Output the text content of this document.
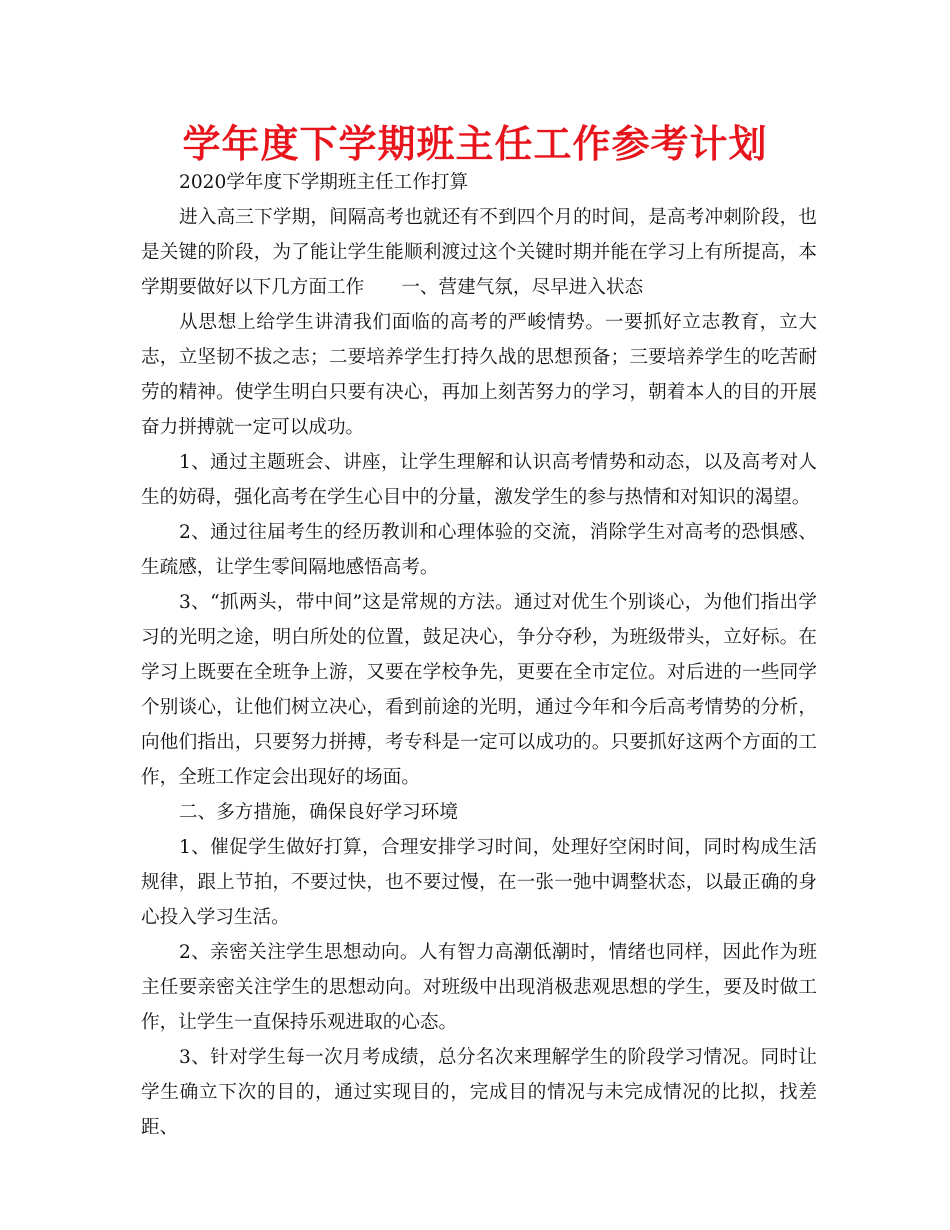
学年度下学期班主任工作参考计划

2020学年度下学期班主任工作打算

进入高三下学期，间隔高考也就还有不到四个月的时间，是高考冲刺阶段，也是关键的阶段，为了能让学生能顺利渡过这个关键时期并能在学习上有所提高，本学期要做好以下几方面工作　　一、营建气氛，尽早进入状态

从思想上给学生讲清我们面临的高考的严峻情势。一要抓好立志教育，立大志，立坚韧不拔之志；二要培养学生打持久战的思想预备；三要培养学生的吃苦耐劳的精神。使学生明白只要有决心，再加上刻苦努力的学习，朝着本人的目的开展奋力拼搏就一定可以成功。

1、通过主题班会、讲座，让学生理解和认识高考情势和动态，以及高考对人生的妨碍，强化高考在学生心目中的分量，激发学生的参与热情和对知识的渴望。

2、通过往届考生的经历教训和心理体验的交流，消除学生对高考的恐惧感、生疏感，让学生零间隔地感悟高考。

3、“抓两头，带中间”这是常规的方法。通过对优生个别谈心，为他们指出学习的光明之途，明白所处的位置，鼓足决心，争分夺秒，为班级带头，立好标。在学习上既要在全班争上游，又要在学校争先，更要在全市定位。对后进的一些同学个别谈心，让他们树立决心，看到前途的光明，通过今年和今后高考情势的分析，向他们指出，只要努力拼搏，考专科是一定可以成功的。只要抓好这两个方面的工作，全班工作定会出现好的场面。

二、多方措施，确保良好学习环境

1、催促学生做好打算，合理安排学习时间，处理好空闲时间，同时构成生活规律，跟上节拍，不要过快，也不要过慢，在一张一弛中调整状态，以最正确的身心投入学习生活。

2、亲密关注学生思想动向。人有智力高潮低潮时，情绪也同样，因此作为班主任要亲密关注学生的思想动向。对班级中出现消极悲观思想的学生，要及时做工作，让学生一直保持乐观进取的心态。

3、针对学生每一次月考成绩，总分名次来理解学生的阶段学习情况。同时让学生确立下次的目的，通过实现目的，完成目的情况与未完成情况的比拟，找差距、
